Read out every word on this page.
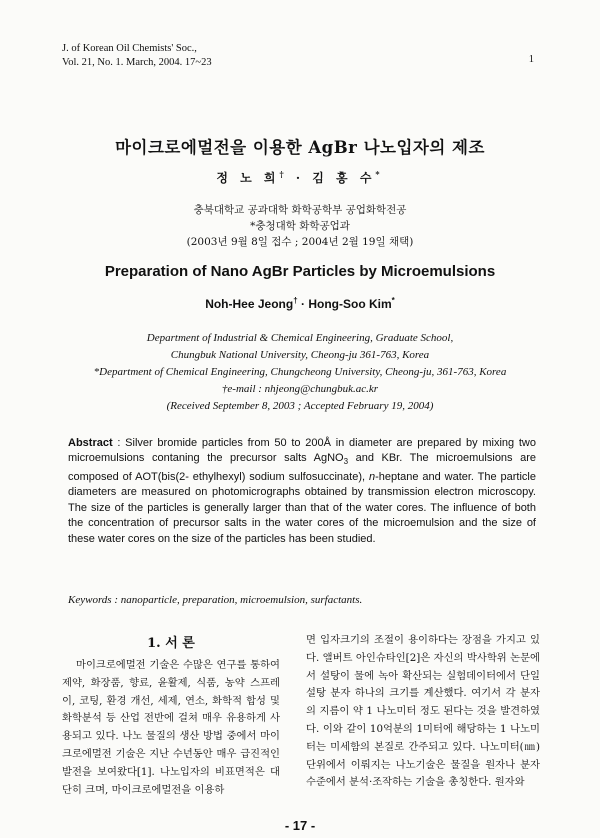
J. of Korean Oil Chemists' Soc.,
Vol. 21, No. 1. March, 2004. 17~23	1
마이크로에멀전을 이용한 AgBr 나노입자의 제조
정 노 희† · 김 홍 수*
충북대학교 공과대학 화학공학부 공업화학전공
*충청대학 화학공업과
(2003년 9월 8일 접수 ; 2004년 2월 19일 채택)
Preparation of Nano AgBr Particles by Microemulsions
Noh-Hee Jeong† · Hong-Soo Kim*
Department of Industrial & Chemical Engineering, Graduate School,
Chungbuk National University, Cheong-ju 361-763, Korea
*Department of Chemical Engineering, Chungcheong University, Cheong-ju, 361-763, Korea
†e-mail : nhjeong@chungbuk.ac.kr
(Received September 8, 2003 ; Accepted February 19, 2004)
Abstract : Silver bromide particles from 50 to 200Å in diameter are prepared by mixing two microemulsions contaning the precursor salts AgNO$_3$ and KBr. The microemulsions are composed of AOT(bis(2- ethylhexyl) sodium sulfosuccinate), n-heptane and water. The particle diameters are measured on photomicrographs obtained by transmission electron microscopy. The size of the particles is generally larger than that of the water cores. The influence of both the concentration of precursor salts in the water cores of the microemulsion and the size of these water cores on the size of the particles has been studied.
Keywords : nanoparticle, preparation, microemulsion, surfactants.
1. 서 론

마이크로에멀전 기술은 수많은 연구를 통하여 제약, 화장품, 향료, 윤활제, 식품, 농약 스프레이, 코팅, 환경 개선, 세제, 연소, 화학적 합성 및 화학분석 등 산업 전반에 걸쳐 매우 유용하게 사용되고 있다. 나노 물질의 생산 방법 중에서 마이크로에멀전 기술은 지난 수년동안 매우 급진적인 발전을 보여왔다[1]. 나노입자의 비표면적은 대단히 크며, 마이크로에멀전을 이용하

면 입자크기의 조절이 용이하다는 장점을 가지고 있다. 앨버트 아인슈타인[2]은 자신의 박사학위 논문에서 설탕이 물에 녹아 확산되는 실험데이터에서 단일 설탕 분자 하나의 크기를 계산했다. 여기서 각 분자의 지름이 약 1 나노미터 정도 된다는 것을 발견하였다. 이와 같이 10억분의 1미터에 해당하는 1 나노미터는 미세함의 본질로 간주되고 있다. 나노미터(㎚) 단위에서 이뤄지는 나노기술은 물질을 원자나 분자 수준에서 분석·조작하는 기술을 총칭한다. 원자와

- 17 -
